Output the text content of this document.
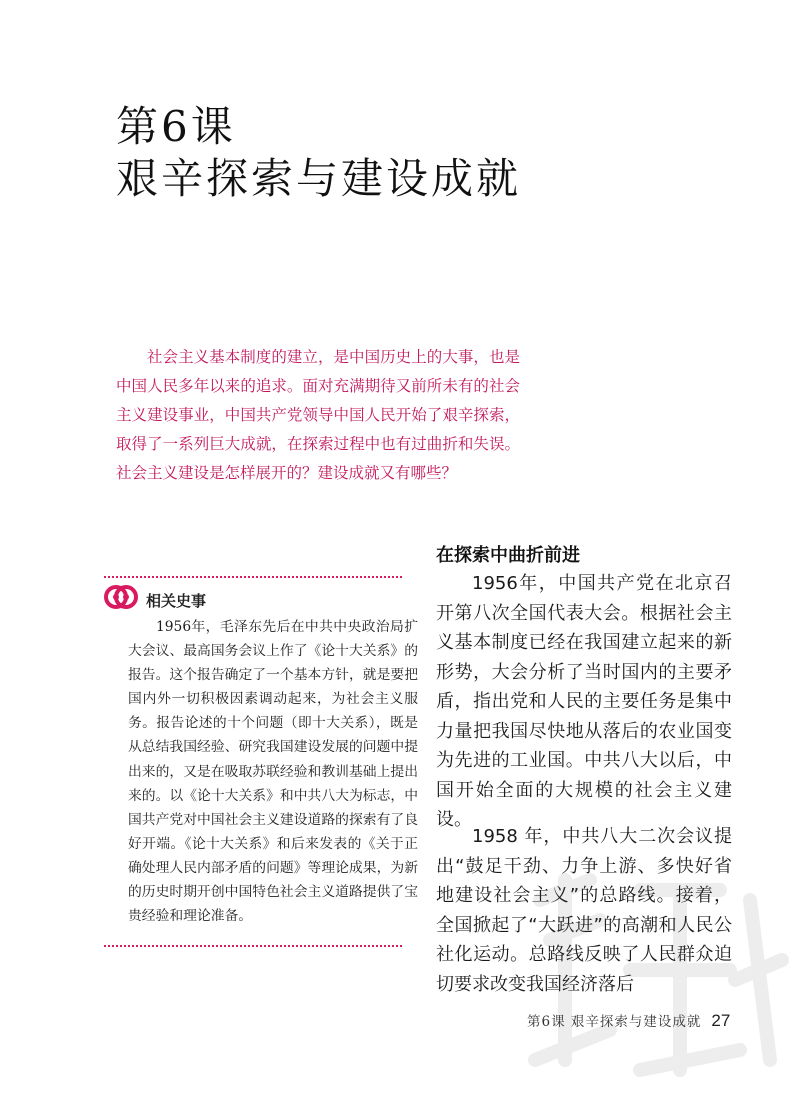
第6课
艰辛探索与建设成就
社会主义基本制度的建立，是中国历史上的大事，也是中国人民多年以来的追求。面对充满期待又前所未有的社会主义建设事业，中国共产党领导中国人民开始了艰辛探索，取得了一系列巨大成就，在探索过程中也有过曲折和失误。社会主义建设是怎样展开的？建设成就又有哪些？
相关史事
1956年，毛泽东先后在中共中央政治局扩大会议、最高国务会议上作了《论十大关系》的报告。这个报告确定了一个基本方针，就是要把国内外一切积极因素调动起来，为社会主义服务。报告论述的十个问题（即十大关系），既是从总结我国经验、研究我国建设发展的问题中提出来的，又是在吸取苏联经验和教训基础上提出来的。以《论十大关系》和中共八大为标志，中国共产党对中国社会主义建设道路的探索有了良好开端。《论十大关系》和后来发表的《关于正确处理人民内部矛盾的问题》等理论成果，为新的历史时期开创中国特色社会主义道路提供了宝贵经验和理论准备。
在探索中曲折前进
1956年，中国共产党在北京召开第八次全国代表大会。根据社会主义基本制度已经在我国建立起来的新形势，大会分析了当时国内的主要矛盾，指出党和人民的主要任务是集中力量把我国尽快地从落后的农业国变为先进的工业国。中共八大以后，中国开始全面的大规模的社会主义建设。
1958 年，中共八大二次会议提出“鼓足干劲、力争上游、多快好省地建设社会主义”的总路线。接着，全国掀起了“大跃进”的高潮和人民公社化运动。总路线反映了人民群众迫切要求改变我国经济落后
第6课 艰辛探索与建设成就 27
